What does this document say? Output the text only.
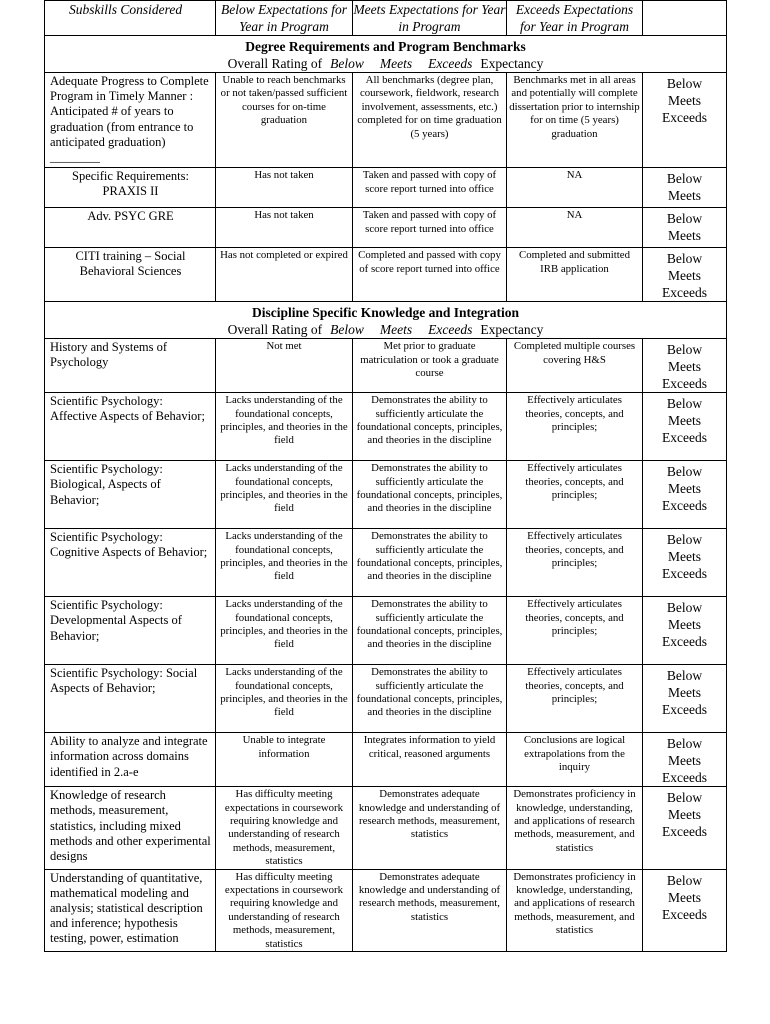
Subskills Considered	Below Expectations for Year in Program	Meets Expectations for Year in Program	Exceeds Expectations for Year in Program	

Degree Requirements and Program Benchmarks
Overall Rating of Below Meets Exceeds Expectancy				

Adequate Progress to Complete Program in Timely Manner : Anticipated # of years to graduation (from entrance to anticipated graduation) ________	Unable to reach benchmarks or not taken/passed sufficient courses for on-time graduation	All benchmarks (degree plan, coursework, fieldwork, research involvement, assessments, etc.) completed for on time graduation (5 years)	Benchmarks met in all areas and potentially will complete dissertation prior to internship for on time (5 years) graduation	Below
Meets
Exceeds

Specific Requirements: PRAXIS II	Has not taken	Taken and passed with copy of score report turned into office	NA	Below
Meets

Adv. PSYC GRE	Has not taken	Taken and passed with copy of score report turned into office	NA	Below
Meets

CITI training – Social Behavioral Sciences	Has not completed or expired	Completed and passed with copy of score report turned into office	Completed and submitted IRB application	Below
Meets
Exceeds

Discipline Specific Knowledge and Integration
Overall Rating of Below Meets Exceeds Expectancy				

History and Systems of Psychology	Not met	Met prior to graduate matriculation or took a graduate course	Completed multiple courses covering H&S	Below
Meets
Exceeds

Scientific Psychology: Affective Aspects of Behavior;	Lacks understanding of the foundational concepts, principles, and theories in the field	Demonstrates the ability to sufficiently articulate the foundational concepts, principles, and theories in the discipline	Effectively articulates theories, concepts, and principles;	Below
Meets
Exceeds

Scientific Psychology: Biological, Aspects of Behavior;	Lacks understanding of the foundational concepts, principles, and theories in the field	Demonstrates the ability to sufficiently articulate the foundational concepts, principles, and theories in the discipline	Effectively articulates theories, concepts, and principles;	Below
Meets
Exceeds

Scientific Psychology: Cognitive Aspects of Behavior;	Lacks understanding of the foundational concepts, principles, and theories in the field	Demonstrates the ability to sufficiently articulate the foundational concepts, principles, and theories in the discipline	Effectively articulates theories, concepts, and principles;	Below
Meets
Exceeds

Scientific Psychology: Developmental Aspects of Behavior;	Lacks understanding of the foundational concepts, principles, and theories in the field	Demonstrates the ability to sufficiently articulate the foundational concepts, principles, and theories in the discipline	Effectively articulates theories, concepts, and principles;	Below
Meets
Exceeds

Scientific Psychology: Social Aspects of Behavior;	Lacks understanding of the foundational concepts, principles, and theories in the field	Demonstrates the ability to sufficiently articulate the foundational concepts, principles, and theories in the discipline	Effectively articulates theories, concepts, and principles;	Below
Meets
Exceeds

Ability to analyze and integrate information across domains identified in 2.a-e	Unable to integrate information	Integrates information to yield critical, reasoned arguments	Conclusions are logical extrapolations from the inquiry	Below
Meets
Exceeds

Knowledge of research methods, measurement, statistics, including mixed methods and other experimental designs	Has difficulty meeting expectations in coursework requiring knowledge and understanding of research methods, measurement, statistics	Demonstrates adequate knowledge and understanding of research methods, measurement, statistics	Demonstrates proficiency in knowledge, understanding, and applications of research methods, measurement, and statistics	Below
Meets
Exceeds

Understanding of quantitative, mathematical modeling and analysis; statistical description and inference; hypothesis testing, power, estimation	Has difficulty meeting expectations in coursework requiring knowledge and understanding of research methods, measurement, statistics	Demonstrates adequate knowledge and understanding of research methods, measurement, statistics	Demonstrates proficiency in knowledge, understanding, and applications of research methods, measurement, and statistics	Below
Meets
Exceeds
